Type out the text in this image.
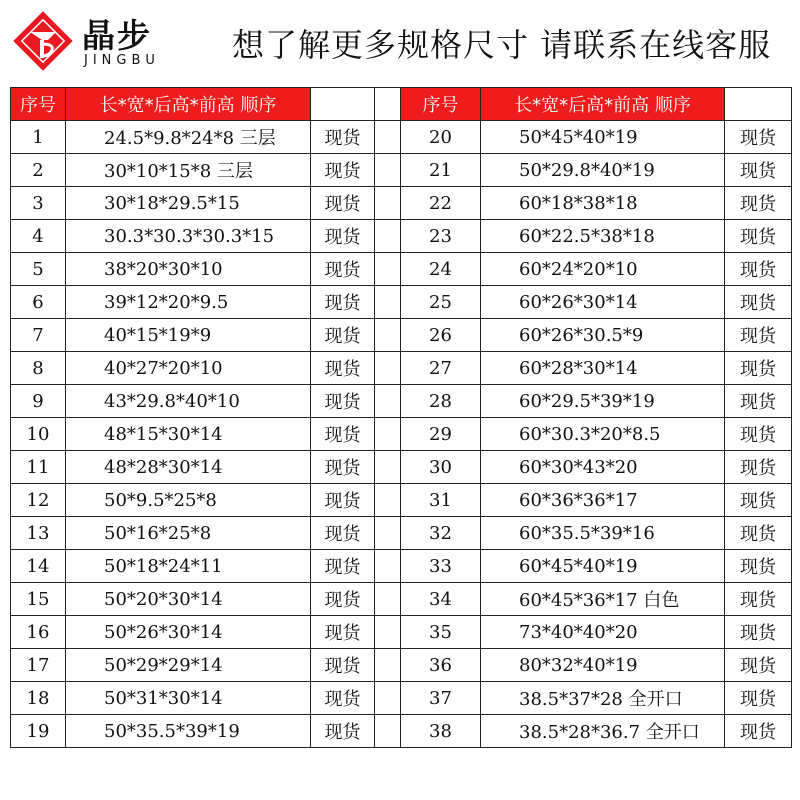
晶步
JINGBU 想了解更多规格尺寸 请联系在线客服
序号	长*宽*后高*前高 顺序			序号	长*宽*后高*前高 顺序	
1	24.5*9.8*24*8 三层	现货		20	50*45*40*19	现货
2	30*10*15*8 三层	现货		21	50*29.8*40*19	现货
3	30*18*29.5*15	现货		22	60*18*38*18	现货
4	30.3*30.3*30.3*15	现货		23	60*22.5*38*18	现货
5	38*20*30*10	现货		24	60*24*20*10	现货
6	39*12*20*9.5	现货		25	60*26*30*14	现货
7	40*15*19*9	现货		26	60*26*30.5*9	现货
8	40*27*20*10	现货		27	60*28*30*14	现货
9	43*29.8*40*10	现货		28	60*29.5*39*19	现货
10	48*15*30*14	现货		29	60*30.3*20*8.5	现货
11	48*28*30*14	现货		30	60*30*43*20	现货
12	50*9.5*25*8	现货		31	60*36*36*17	现货
13	50*16*25*8	现货		32	60*35.5*39*16	现货
14	50*18*24*11	现货		33	60*45*40*19	现货
15	50*20*30*14	现货		34	60*45*36*17 白色	现货
16	50*26*30*14	现货		35	73*40*40*20	现货
17	50*29*29*14	现货		36	80*32*40*19	现货
18	50*31*30*14	现货		37	38.5*37*28 全开口	现货
19	50*35.5*39*19	现货		38	38.5*28*36.7 全开口	现货
